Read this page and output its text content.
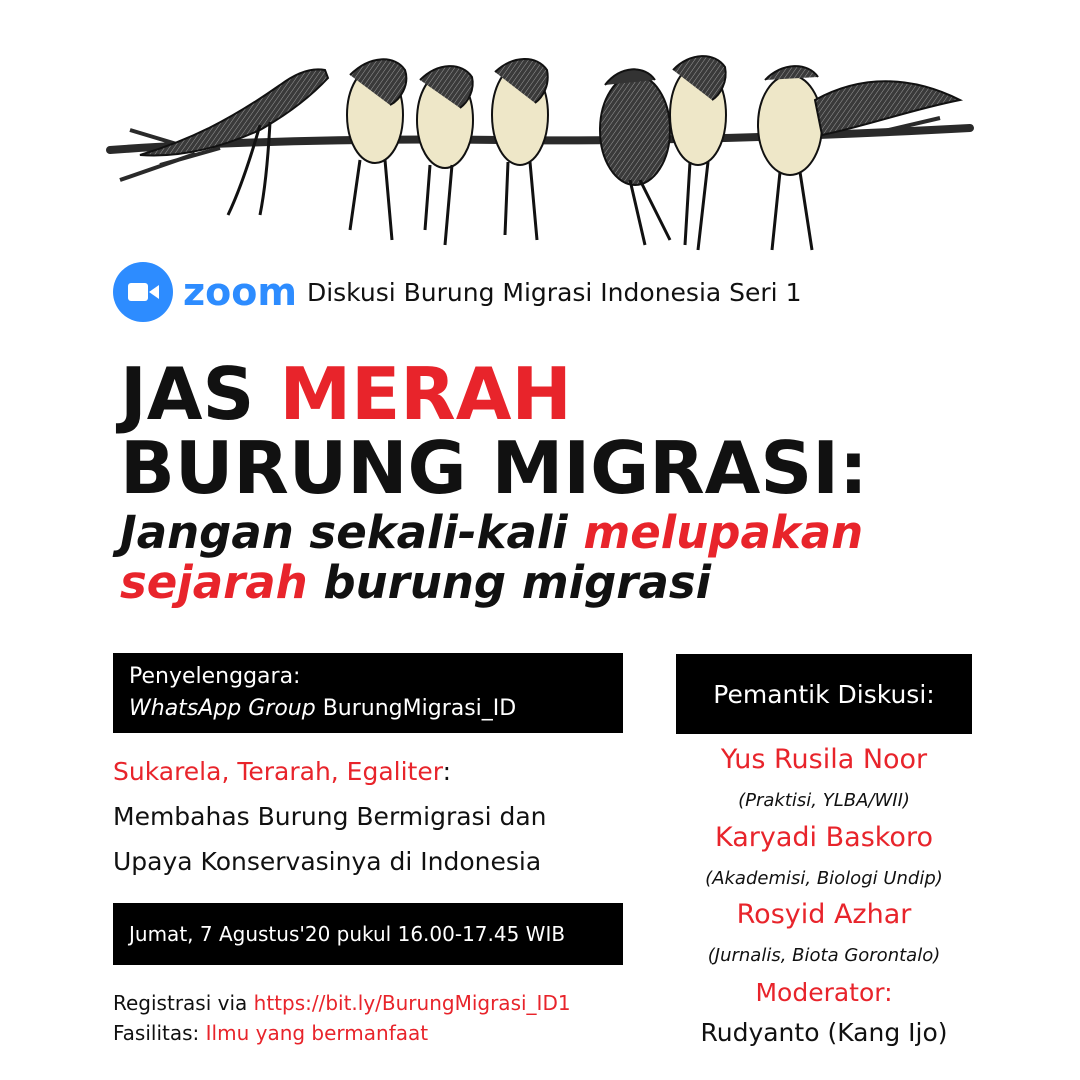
zoom Diskusi Burung Migrasi Indonesia Seri 1
JAS MERAH
BURUNG MIGRASI:
Jangan sekali-kali melupakan
sejarah burung migrasi
Penyelenggara:
WhatsApp Group BurungMigrasi_ID
Sukarela, Terarah, Egaliter:
Membahas Burung Bermigrasi dan
Upaya Konservasinya di Indonesia
Jumat, 7 Agustus'20 pukul 16.00-17.45 WIB
Registrasi via https://bit.ly/BurungMigrasi_ID1
Fasilitas: Ilmu yang bermanfaat
Pemantik Diskusi:
Yus Rusila Noor
(Praktisi, YLBA/WII)
Karyadi Baskoro
(Akademisi, Biologi Undip)
Rosyid Azhar
(Jurnalis, Biota Gorontalo)
Moderator:
Rudyanto (Kang Ijo)
